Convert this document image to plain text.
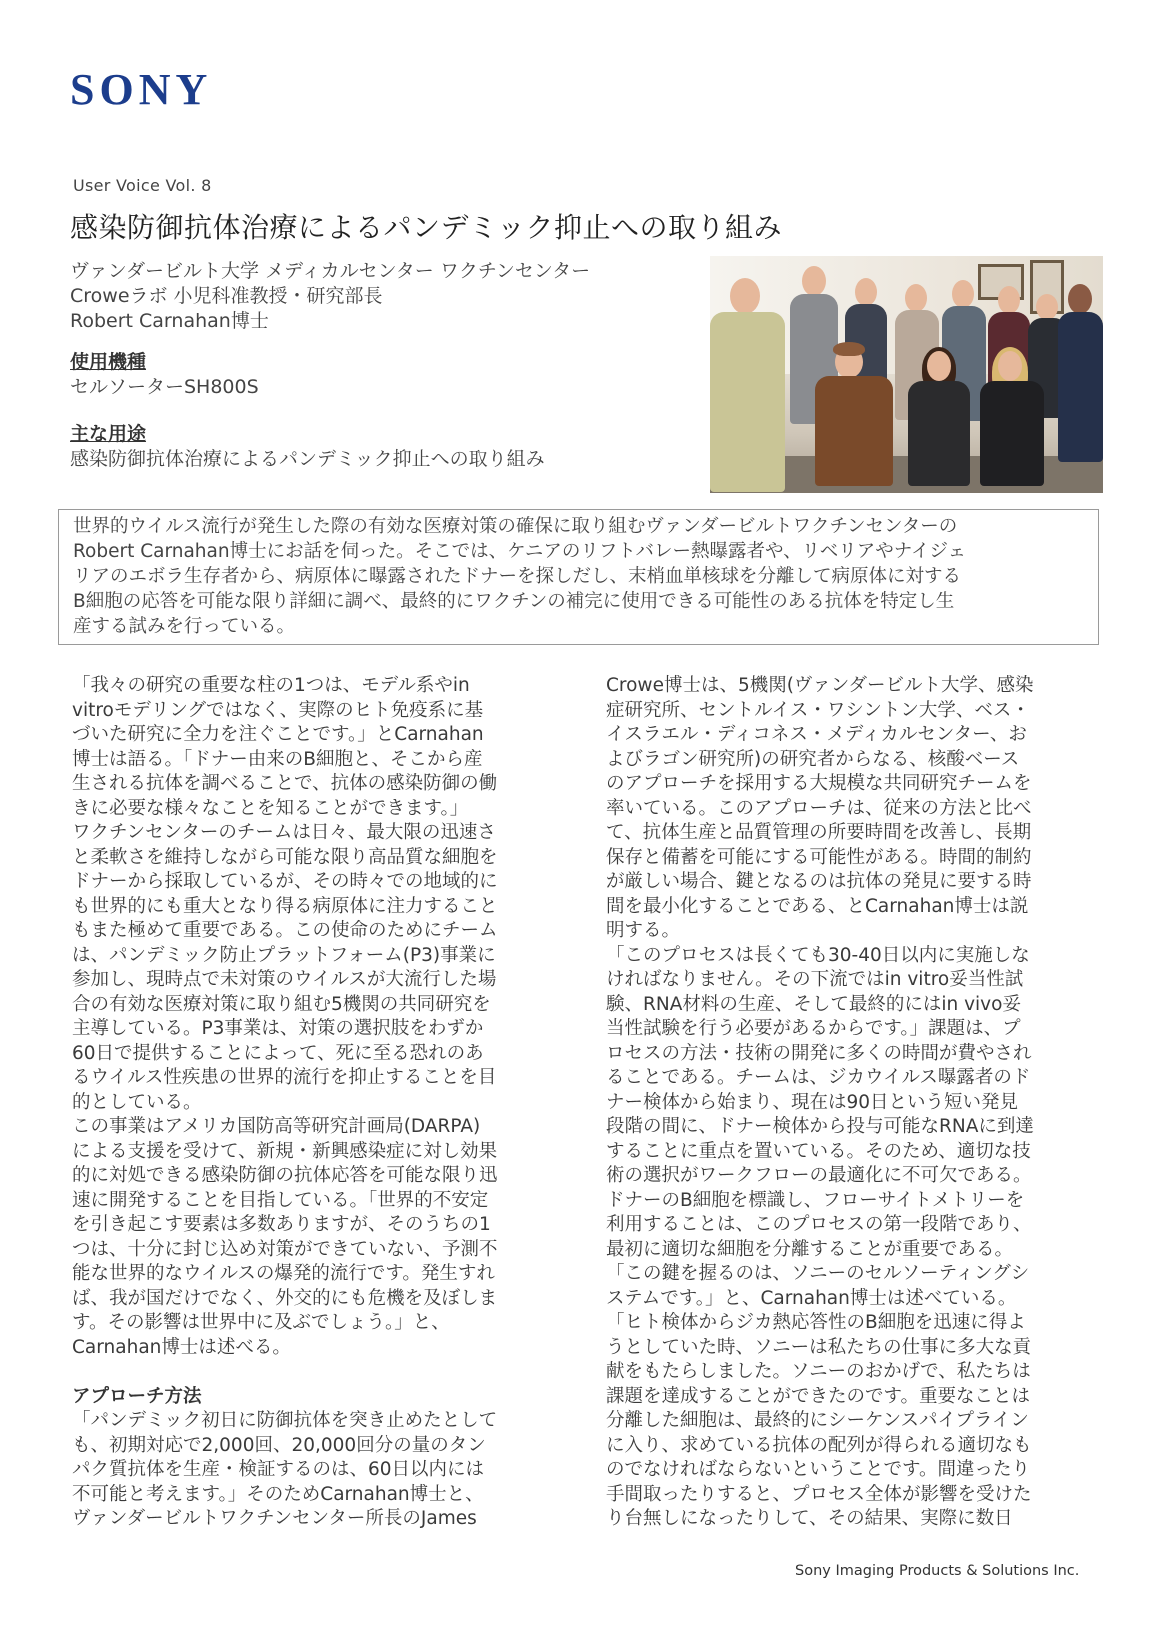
SONY
User Voice Vol. 8
感染防御抗体治療によるパンデミック抑止への取り組み
ヴァンダービルト大学 メディカルセンター ワクチンセンター
Croweラボ 小児科准教授・研究部長
Robert Carnahan博士
使用機種
セルソーターSH800S
主な用途
感染防御抗体治療によるパンデミック抑止への取り組み
世界的ウイルス流行が発生した際の有効な医療対策の確保に取り組むヴァンダービルトワクチンセンターの
Robert Carnahan博士にお話を伺った。そこでは、ケニアのリフトバレー熱曝露者や、リベリアやナイジェ
リアのエボラ生存者から、病原体に曝露されたドナーを探しだし、末梢血単核球を分離して病原体に対する
B細胞の応答を可能な限り詳細に調べ、最終的にワクチンの補完に使用できる可能性のある抗体を特定し生
産する試みを行っている。
「我々の研究の重要な柱の1つは、モデル系やin
vitroモデリングではなく、実際のヒト免疫系に基
づいた研究に全力を注ぐことです。」とCarnahan
博士は語る。「ドナー由来のB細胞と、そこから産
生される抗体を調べることで、抗体の感染防御の働
きに必要な様々なことを知ることができます。」
ワクチンセンターのチームは日々、最大限の迅速さ
と柔軟さを維持しながら可能な限り高品質な細胞を
ドナーから採取しているが、その時々での地域的に
も世界的にも重大となり得る病原体に注力すること
もまた極めて重要である。この使命のためにチーム
は、パンデミック防止プラットフォーム(P3)事業に
参加し、現時点で未対策のウイルスが大流行した場
合の有効な医療対策に取り組む5機関の共同研究を
主導している。P3事業は、対策の選択肢をわずか
60日で提供することによって、死に至る恐れのあ
るウイルス性疾患の世界的流行を抑止することを目
的としている。
この事業はアメリカ国防高等研究計画局(DARPA)
による支援を受けて、新規・新興感染症に対し効果
的に対処できる感染防御の抗体応答を可能な限り迅
速に開発することを目指している。「世界的不安定
を引き起こす要素は多数ありますが、そのうちの1
つは、十分に封じ込め対策ができていない、予測不
能な世界的なウイルスの爆発的流行です。発生すれ
ば、我が国だけでなく、外交的にも危機を及ぼしま
す。その影響は世界中に及ぶでしょう。」と、
Carnahan博士は述べる。
アプローチ方法
「パンデミック初日に防御抗体を突き止めたとして
も、初期対応で2,000回、20,000回分の量のタン
パク質抗体を生産・検証するのは、60日以内には
不可能と考えます。」そのためCarnahan博士と、
ヴァンダービルトワクチンセンター所長のJames
Crowe博士は、5機関(ヴァンダービルト大学、感染
症研究所、セントルイス・ワシントン大学、ベス・
イスラエル・ディコネス・メディカルセンター、お
よびラゴン研究所)の研究者からなる、核酸ベース
のアプローチを採用する大規模な共同研究チームを
率いている。このアプローチは、従来の方法と比べ
て、抗体生産と品質管理の所要時間を改善し、長期
保存と備蓄を可能にする可能性がある。時間的制約
が厳しい場合、鍵となるのは抗体の発見に要する時
間を最小化することである、とCarnahan博士は説
明する。
「このプロセスは長くても30-40日以内に実施しな
ければなりません。その下流ではin vitro妥当性試
験、RNA材料の生産、そして最終的にはin vivo妥
当性試験を行う必要があるからです。」課題は、プ
ロセスの方法・技術の開発に多くの時間が費やされ
ることである。チームは、ジカウイルス曝露者のド
ナー検体から始まり、現在は90日という短い発見
段階の間に、ドナー検体から投与可能なRNAに到達
することに重点を置いている。そのため、適切な技
術の選択がワークフローの最適化に不可欠である。
ドナーのB細胞を標識し、フローサイトメトリーを
利用することは、このプロセスの第一段階であり、
最初に適切な細胞を分離することが重要である。
「この鍵を握るのは、ソニーのセルソーティングシ
ステムです。」と、Carnahan博士は述べている。
「ヒト検体からジカ熱応答性のB細胞を迅速に得よ
うとしていた時、ソニーは私たちの仕事に多大な貢
献をもたらしました。ソニーのおかげで、私たちは
課題を達成することができたのです。重要なことは
分離した細胞は、最終的にシーケンスパイプライン
に入り、求めている抗体の配列が得られる適切なも
のでなければならないということです。間違ったり
手間取ったりすると、プロセス全体が影響を受けた
り台無しになったりして、その結果、実際に数日
Sony Imaging Products & Solutions Inc.
